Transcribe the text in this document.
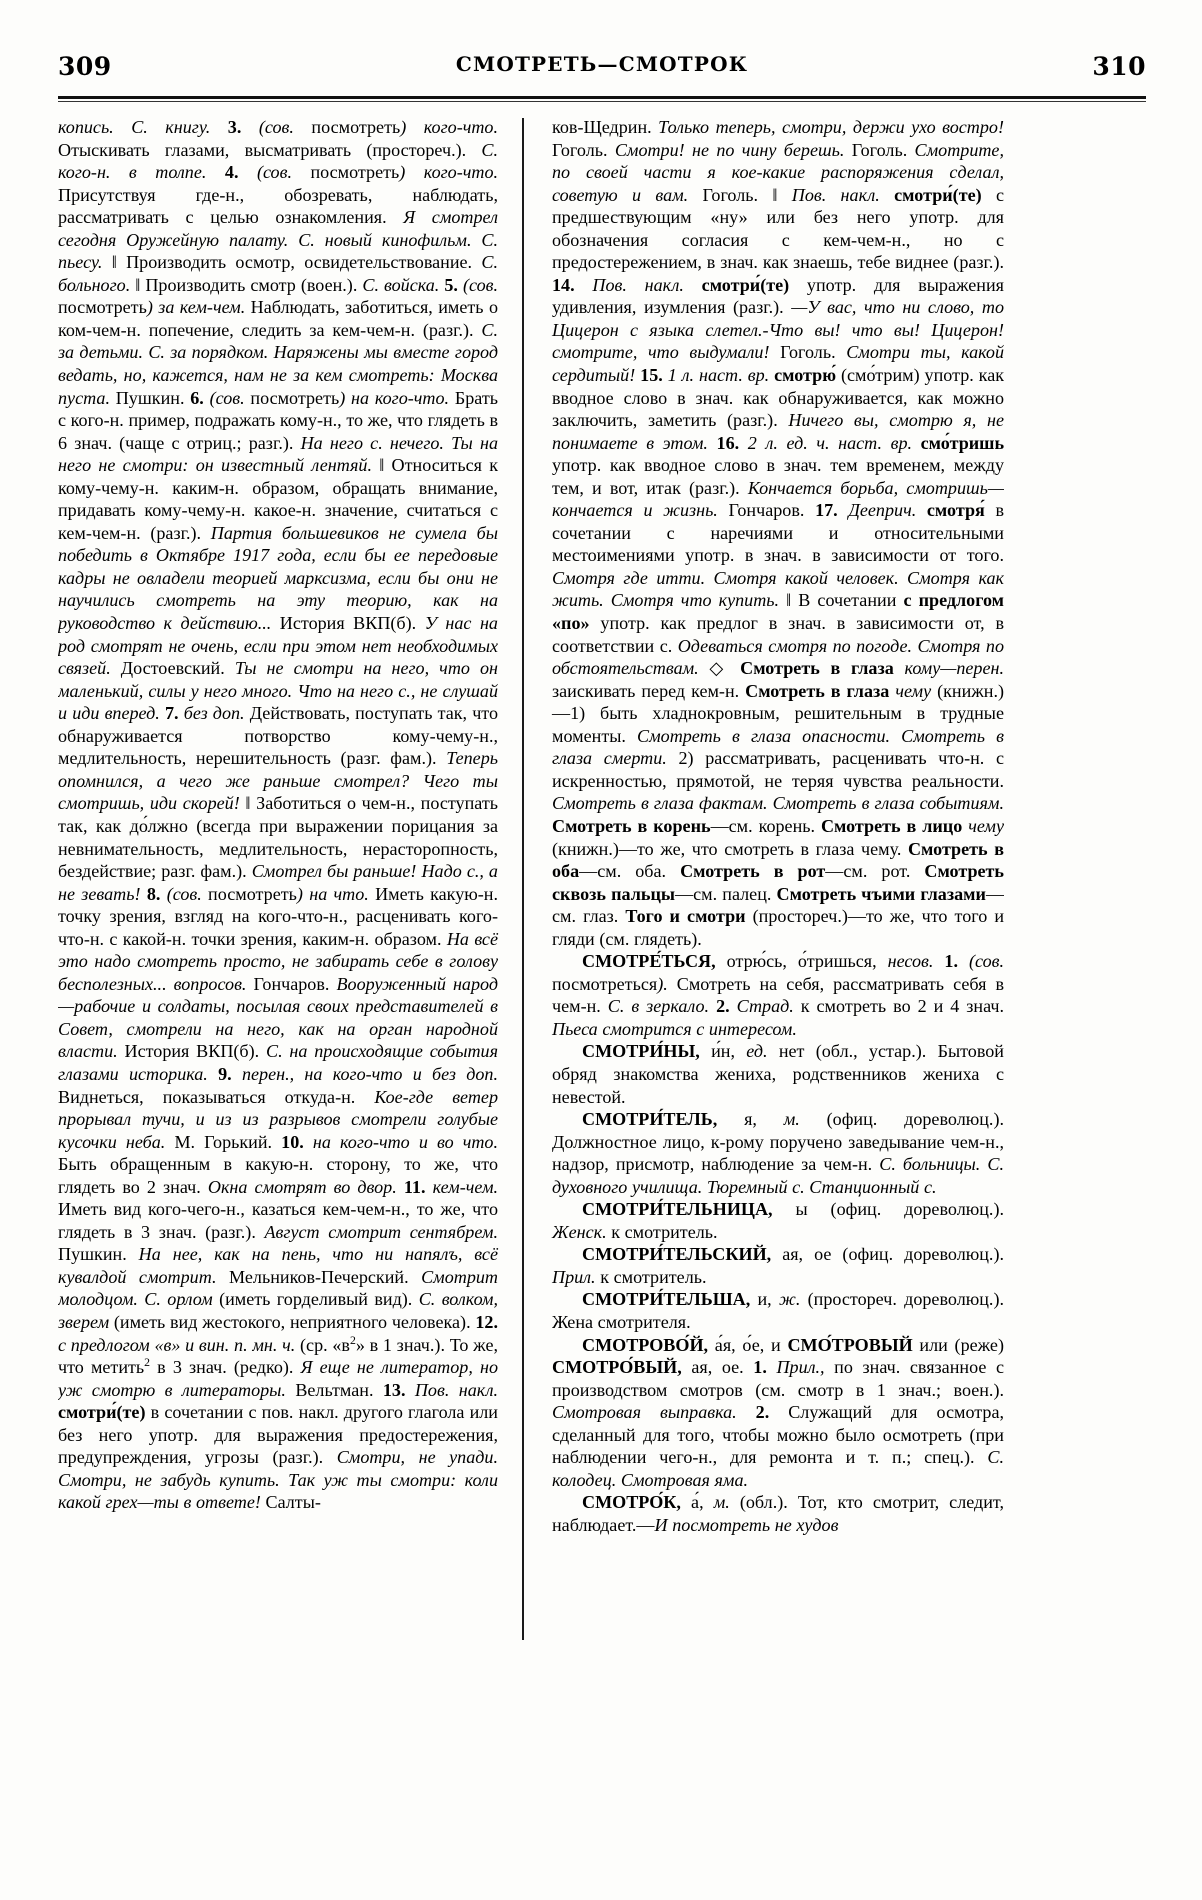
309	СМОТРЕТЬ—СМОТРОК	310

копись. С. книгу. 3. (сов. посмотреть) кого-что. Отыскивать глазами, высматривать (простореч.). С. кого-н. в толпе. 4. (сов. посмотреть) кого-что. Присутствуя где-н., обозревать, наблюдать, рассматривать с целью ознакомления. Я смотрел сегодня Оружейную палату. С. новый кинофильм. С. пьесу. ‖ Производить осмотр, освидетельствование. С. больного. ‖ Производить смотр (воен.). С. войска. 5. (сов. посмотреть) за кем-чем. Наблюдать, заботиться, иметь о ком-чем-н. попечение, следить за кем-чем-н. (разг.). С. за детьми. С. за порядком. Наряжены мы вместе город ведать, но, кажется, нам не за кем смотреть: Москва пуста. Пушкин. 6. (сов. посмотреть) на кого-что. Брать с кого-н. пример, подражать кому-н., то же, что глядеть в 6 знач. (чаще с отриц.; разг.). На него с. нечего. Ты на него не смотри: он известный лентяй. ‖ Относиться к кому-чему-н. каким-н. образом, обращать внимание, придавать кому-чему-н. какое-н. значение, считаться с кем-чем-н. (разг.). Партия большевиков не сумела бы победить в Октябре 1917 года, если бы ее передовые кадры не овладели теорией марксизма, если бы они не научились смотреть на эту теорию, как на руководство к действию... История ВКП(б). У нас на род смотрят не очень, если при этом нет необходимых связей. Достоевский. Ты не смотри на него, что он маленький, силы у него много. Что на него с., не слушай и иди вперед. 7. без доп. Действовать, поступать так, что обнаруживается потворство кому-чему-н., медлительность, нерешительность (разг. фам.). Теперь опомнился, а чего же раньше смотрел? Чего ты смотришь, иди скорей! ‖ Заботиться о чем-н., поступать так, как до́лжно (всегда при выражении порицания за невнимательность, медлительность, нерасторопность, бездействие; разг. фам.). Смотрел бы раньше! Надо с., а не зевать! 8. (сов. посмотреть) на что. Иметь какую-н. точку зрения, взгляд на кого-что-н., расценивать кого-что-н. с какой-н. точки зрения, каким-н. образом. На всё это надо смотреть просто, не забирать себе в голову бесполезных... вопросов. Гончаров. Вооруженный народ—рабочие и солдаты, посылая своих представителей в Совет, смотрели на него, как на орган народной власти. История ВКП(б). С. на происходящие события глазами историка. 9. перен., на кого-что и без доп. Виднеться, показываться откуда-н. Кое-где ветер прорывал тучи, и из из разрывов смотрели голубые кусочки неба. М. Горький. 10. на кого-что и во что. Быть обращенным в какую-н. сторону, то же, что глядеть во 2 знач. Окна смотрят во двор. 11. кем-чем. Иметь вид кого-чего-н., казаться кем-чем-н., то же, что глядеть в 3 знач. (разг.). Август смотрит сентябрем. Пушкин. На нее, как на пень, что ни напялъ, всё кувалдой смотрит. Мельников-Печерский. Смотрит молодцом. С. орлом (иметь горделивый вид). С. волком, зверем (иметь вид жестокого, неприятного человека). 12. с предлогом «в» и вин. п. мн. ч. (ср. «$в^2$» в 1 знач.). То же, что метить$^2$ в 3 знач. (редко). Я еще не литератор, но уж смотрю в литераторы. Вельтман. 13. Пов. накл. смотри́(те) в сочетании с пов. накл. другого глагола или без него употр. для выражения предостережения, предупреждения, угрозы (разг.). Смотри, не упади. Смотри, не забудь купить. Так уж ты смотри: коли какой грех—ты в ответе! Салты-

ков-Щедрин. Только теперь, смотри, держи ухо востро! Гоголь. Смотри! не по чину берешь. Гоголь. Смотрите, по своей части я кое-какие распоряжения сделал, советую и вам. Гоголь. ‖ Пов. накл. смотри́(те) с предшествующим «ну» или без него употр. для обозначения согласия с кем-чем-н., но с предостережением, в знач. как знаешь, тебе виднее (разг.). 14. Пов. накл. смотри́(те) употр. для выражения удивления, изумления (разг.). —У вас, что ни слово, то Цицерон с языка слетел.-Что вы! что вы! Цицерон! смотрите, что выдумали! Гоголь. Смотри ты, какой сердитый! 15. 1 л. наст. вр. смотрю́ (смо́трим) употр. как вводное слово в знач. как обнаруживается, как можно заключить, заметить (разг.). Ничего вы, смотрю я, не понимаете в этом. 16. 2 л. ед. ч. наст. вр. смо́тришь употр. как вводное слово в знач. тем временем, между тем, и вот, итак (разг.). Кончается борьба, смотришь—кончается и жизнь. Гончаров. 17. Дееприч. смотря́ в сочетании с наречиями и относительными местоимениями употр. в знач. в зависимости от того. Смотря где итти. Смотря какой человек. Смотря как жить. Смотря что купить. ‖ В сочетании с предлогом «по» употр. как предлог в знач. в зависимости от, в соответствии с. Одеваться смотря по погоде. Смотря по обстоятельствам. ◇ Смотреть в глаза кому—перен. заискивать перед кем-н. Смотреть в глаза чему (книжн.)—1) быть хладнокровным, решительным в трудные моменты. Смотреть в глаза опасности. Смотреть в глаза смерти. 2) рассматривать, расценивать что-н. с искренностью, прямотой, не теряя чувства реальности. Смотреть в глаза фактам. Смотреть в глаза событиям. Смотреть в корень—см. корень. Смотреть в лицо чему (книжн.)—то же, что смотреть в глаза чему. Смотреть в оба—см. оба. Смотреть в рот—см. рот. Смотреть сквозь пальцы—см. палец. Смотреть чъими глазами—см. глаз. Того и смотри (простореч.)—то же, что того и гляди (см. глядеть).

СМОТРЕ́ТЬСЯ, отрю́сь, о́тришься, несов. 1. (сов. посмотреться). Смотреть на себя, рассматривать себя в чем-н. С. в зеркало. 2. Страд. к смотреть во 2 и 4 знач. Пьеса смотрится с интересом.

СМОТРИ́НЫ, и́н, ед. нет (обл., устар.). Бытовой обряд знакомства жениха, родственников жениха с невестой.

СМОТРИ́ТЕЛЬ, я, м. (офиц. дореволюц.). Должностное лицо, к-рому поручено заведывание чем-н., надзор, присмотр, наблюдение за чем-н. С. больницы. С. духовного училища. Тюремный с. Станционный с.

СМОТРИ́ТЕЛЬНИЦА, ы (офиц. дореволюц.). Женск. к смотритель.

СМОТРИ́ТЕЛЬСКИЙ, ая, ое (офиц. дореволюц.). Прил. к смотритель.

СМОТРИ́ТЕЛЬША, и, ж. (простореч. дореволюц.). Жена смотрителя.

СМОТРОВО́Й, а́я, о́е, и СМО́ТРОВЫЙ или (реже) СМОТРО́ВЫЙ, ая, ое. 1. Прил., по знач. связанное с производством смотров (см. смотр в 1 знач.; воен.). Смотровая выправка. 2. Служащий для осмотра, сделанный для того, чтобы можно было осмотреть (при наблюдении чего-н., для ремонта и т. п.; спец.). С. колодец. Смотровая яма.

СМОТРО́К, а́, м. (обл.). Тот, кто смотрит, следит, наблюдает.—И посмотреть не худов
